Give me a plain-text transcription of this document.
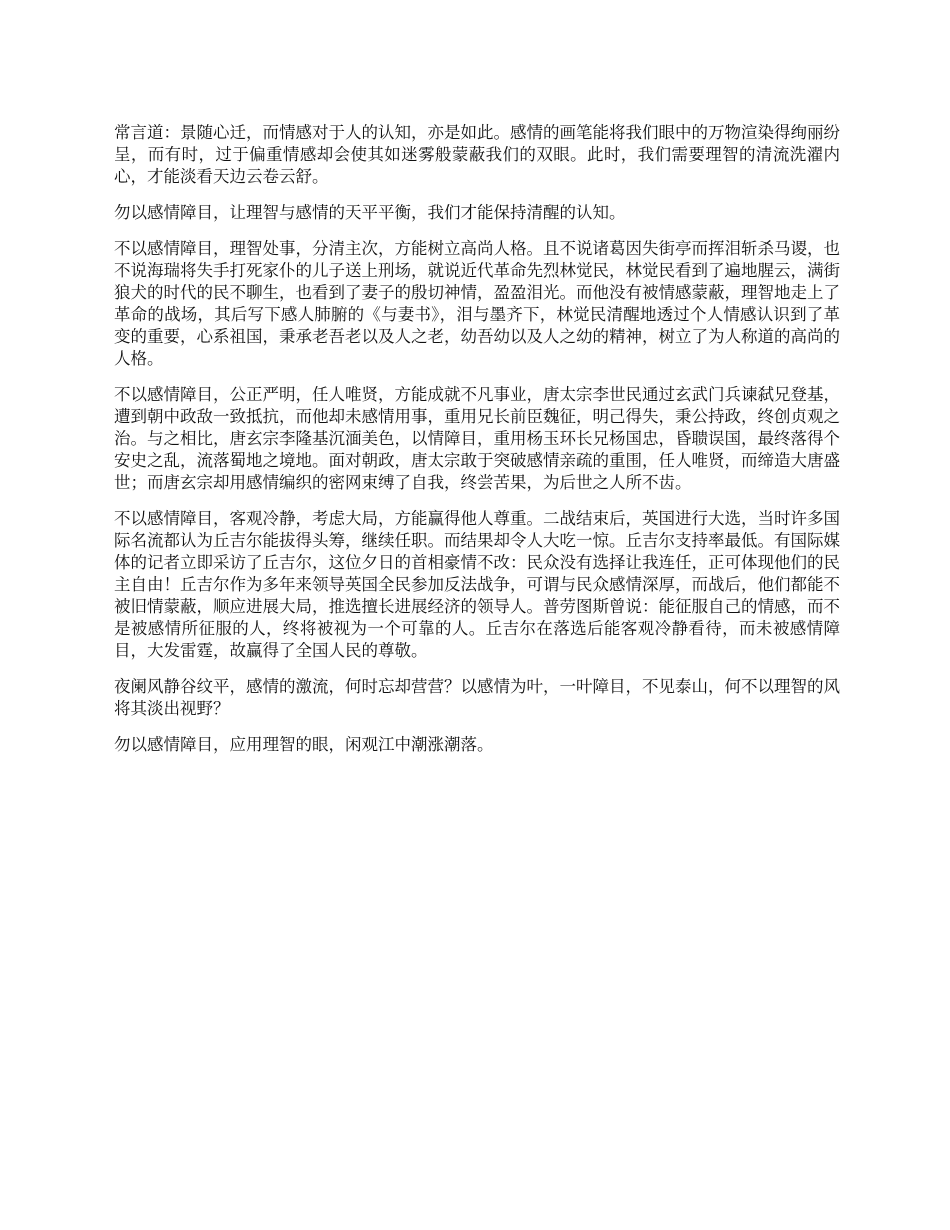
常言道：景随心迁，而情感对于人的认知，亦是如此。感情的画笔能将我们眼中的万物渲染得绚丽纷呈，而有时，过于偏重情感却会使其如迷雾般蒙蔽我们的双眼。此时，我们需要理智的清流洗濯内心，才能淡看天边云卷云舒。

勿以感情障目，让理智与感情的天平平衡，我们才能保持清醒的认知。

不以感情障目，理智处事，分清主次，方能树立高尚人格。且不说诸葛因失街亭而挥泪斩杀马谡，也不说海瑞将失手打死家仆的儿子送上刑场，就说近代革命先烈林觉民，林觉民看到了遍地腥云，满街狼犬的时代的民不聊生，也看到了妻子的殷切神情，盈盈泪光。而他没有被情感蒙蔽，理智地走上了革命的战场，其后写下感人肺腑的《与妻书》，泪与墨齐下，林觉民清醒地透过个人情感认识到了革变的重要，心系祖国，秉承老吾老以及人之老，幼吾幼以及人之幼的精神，树立了为人称道的高尚的人格。

不以感情障目，公正严明，任人唯贤，方能成就不凡事业，唐太宗李世民通过玄武门兵谏弑兄登基，遭到朝中政敌一致抵抗，而他却未感情用事，重用兄长前臣魏征，明己得失，秉公持政，终创贞观之治。与之相比，唐玄宗李隆基沉湎美色，以情障目，重用杨玉环长兄杨国忠，昏聩误国，最终落得个安史之乱，流落蜀地之境地。面对朝政，唐太宗敢于突破感情亲疏的重围，任人唯贤，而缔造大唐盛世；而唐玄宗却用感情编织的密网束缚了自我，终尝苦果，为后世之人所不齿。

不以感情障目，客观冷静，考虑大局，方能赢得他人尊重。二战结束后，英国进行大选，当时许多国际名流都认为丘吉尔能拔得头筹，继续任职。而结果却令人大吃一惊。丘吉尔支持率最低。有国际媒体的记者立即采访了丘吉尔，这位夕日的首相豪情不改：民众没有选择让我连任，正可体现他们的民主自由！丘吉尔作为多年来领导英国全民参加反法战争，可谓与民众感情深厚，而战后，他们都能不被旧情蒙蔽，顺应进展大局，推选擅长进展经济的领导人。普劳图斯曾说：能征服自己的情感，而不是被感情所征服的人，终将被视为一个可靠的人。丘吉尔在落选后能客观冷静看待，而未被感情障目，大发雷霆，故赢得了全国人民的尊敬。

夜阑风静谷纹平，感情的激流，何时忘却营营？以感情为叶，一叶障目，不见泰山，何不以理智的风将其淡出视野？

勿以感情障目，应用理智的眼，闲观江中潮涨潮落。
